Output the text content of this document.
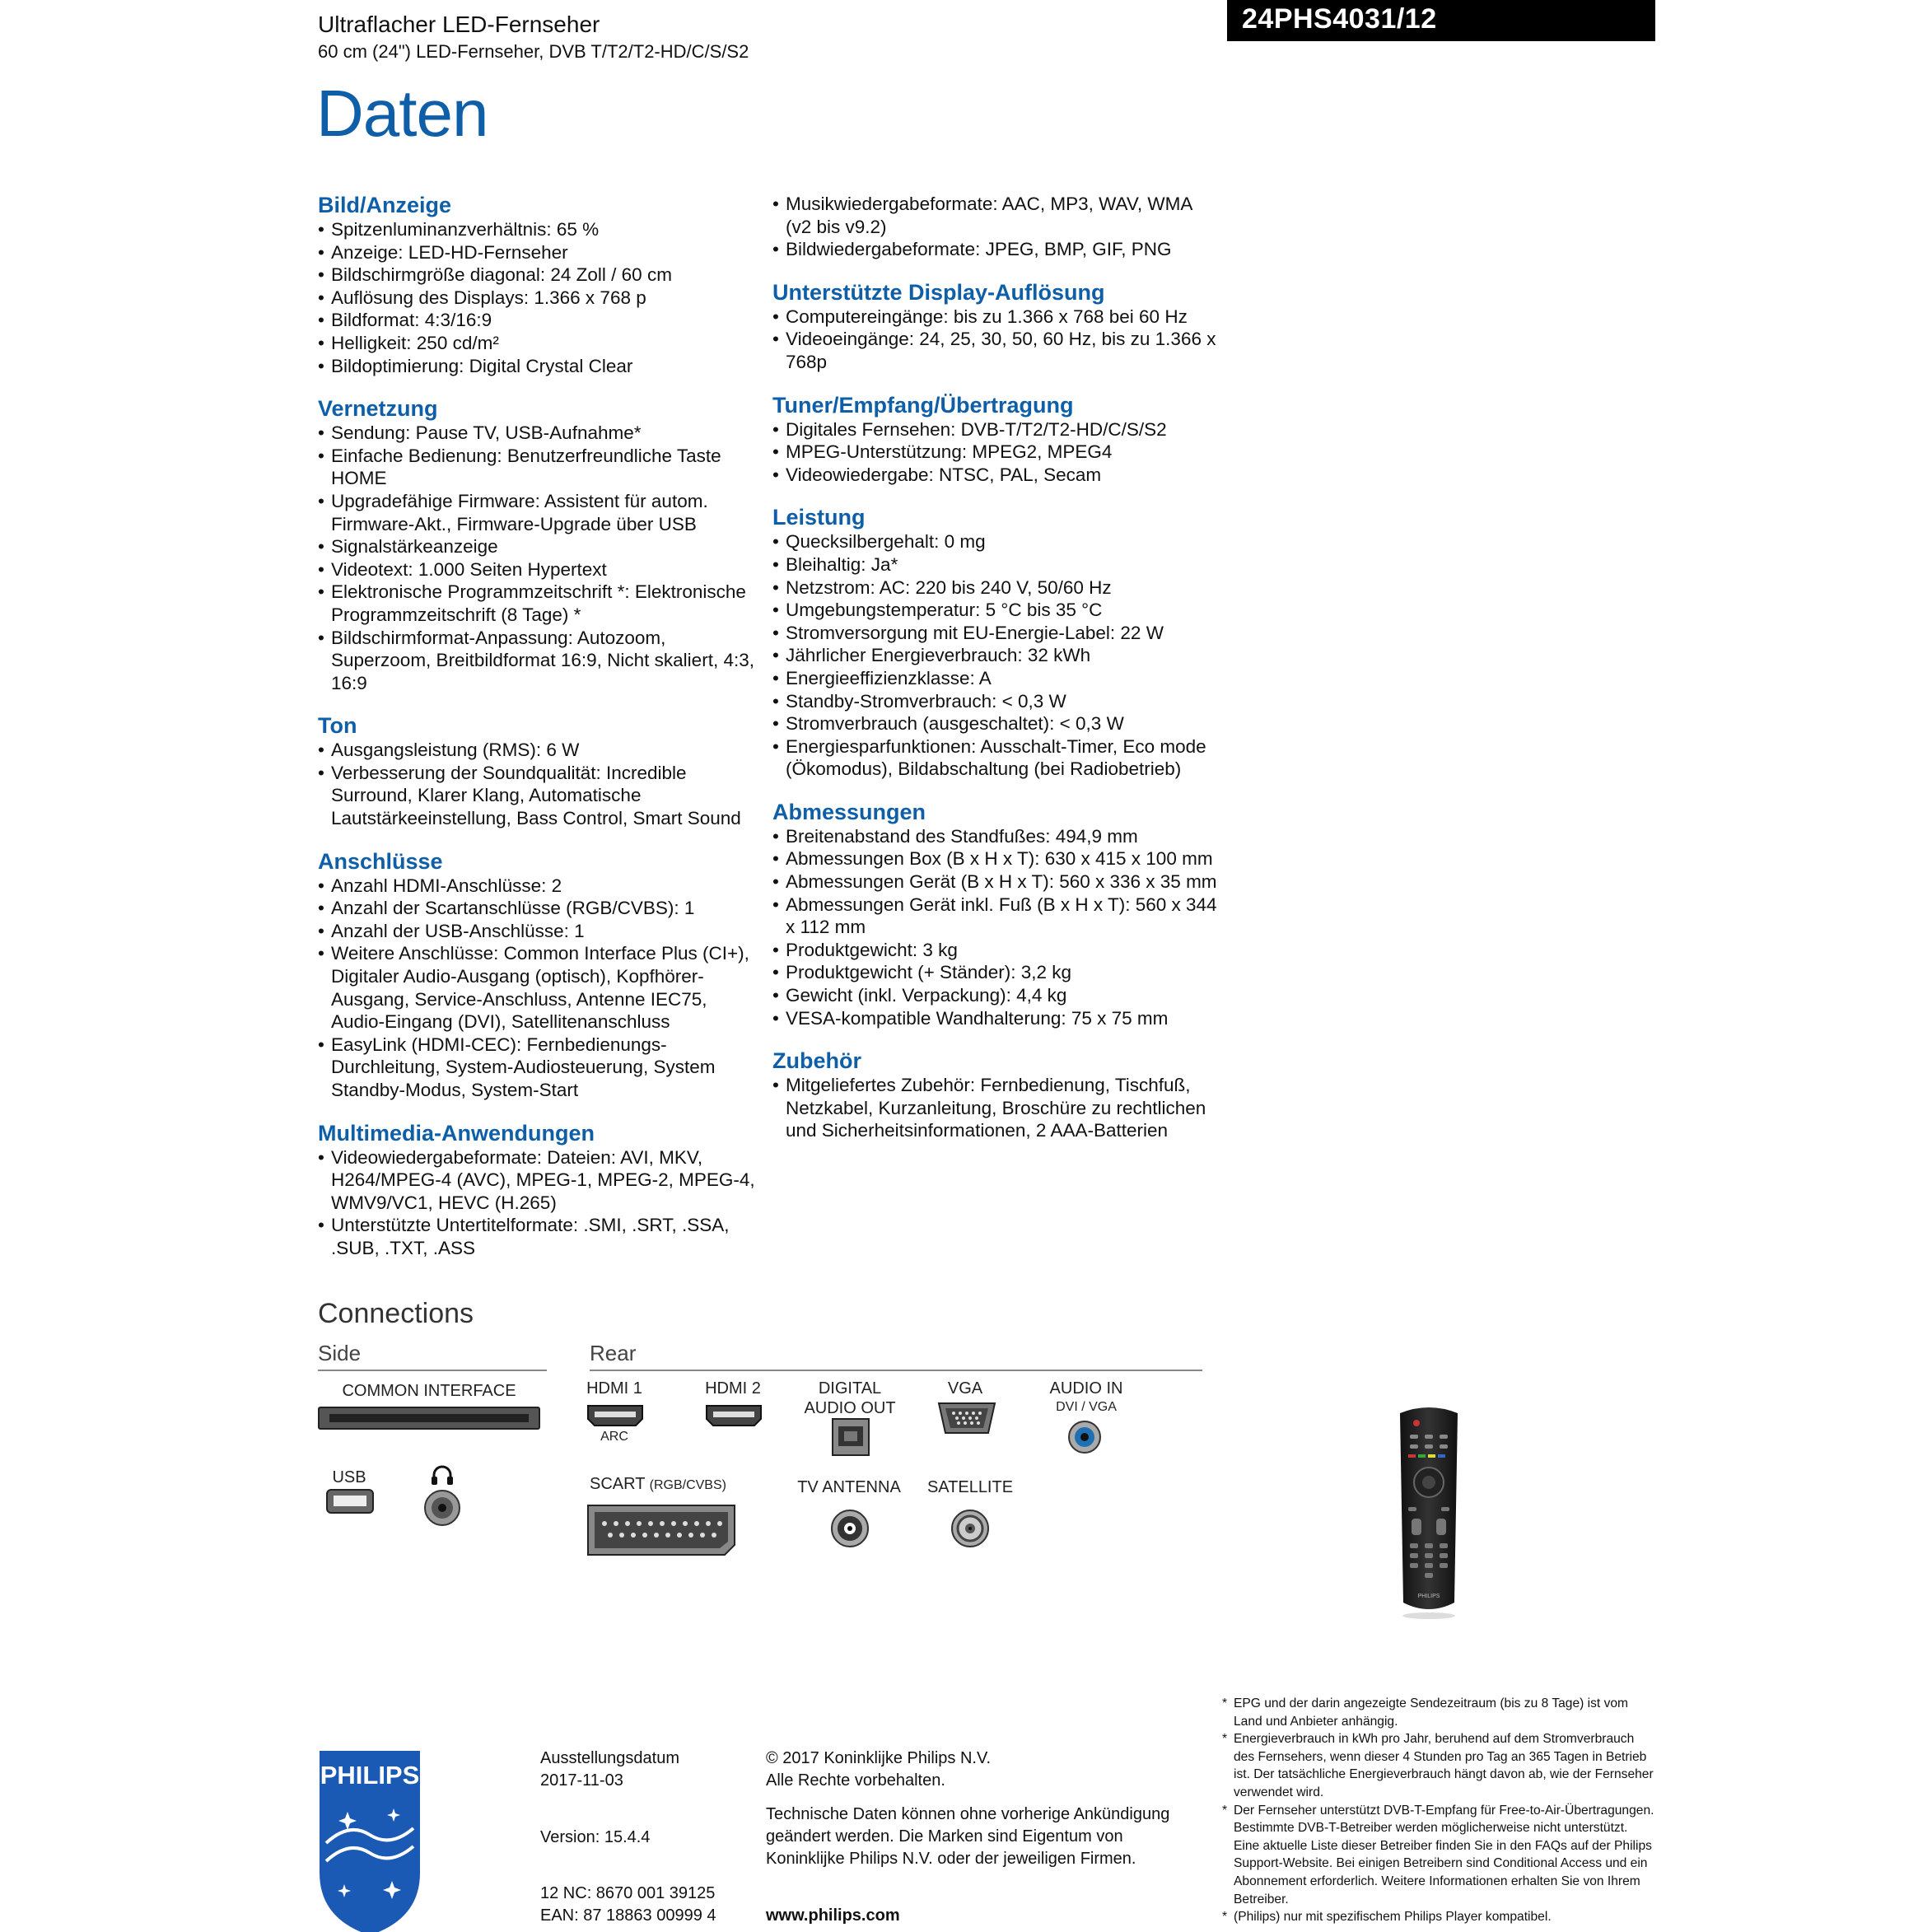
Ultraflacher LED-Fernseher
60 cm (24") LED-Fernseher, DVB T/T2/T2-HD/C/S/S2
24PHS4031/12
Daten
Bild/Anzeige
• Spitzenluminanzverhältnis: 65 %
• Anzeige: LED-HD-Fernseher
• Bildschirmgröße diagonal: 24 Zoll / 60 cm
• Auflösung des Displays: 1.366 x 768 p
• Bildformat: 4:3/16:9
• Helligkeit: 250 cd/m²
• Bildoptimierung: Digital Crystal Clear
Vernetzung
• Sendung: Pause TV, USB-Aufnahme*
• Einfache Bedienung: Benutzerfreundliche Taste HOME
• Upgradefähige Firmware: Assistent für autom. Firmware-Akt., Firmware-Upgrade über USB
• Signalstärkeanzeige
• Videotext: 1.000 Seiten Hypertext
• Elektronische Programmzeitschrift *: Elektronische Programmzeitschrift (8 Tage) *
• Bildschirmformat-Anpassung: Autozoom, Superzoom, Breitbildformat 16:9, Nicht skaliert, 4:3, 16:9
Ton
• Ausgangsleistung (RMS): 6 W
• Verbesserung der Soundqualität: Incredible Surround, Klarer Klang, Automatische Lautstärkeeinstellung, Bass Control, Smart Sound
Anschlüsse
• Anzahl HDMI-Anschlüsse: 2
• Anzahl der Scartanschlüsse (RGB/CVBS): 1
• Anzahl der USB-Anschlüsse: 1
• Weitere Anschlüsse: Common Interface Plus (CI+), Digitaler Audio-Ausgang (optisch), Kopfhörer-Ausgang, Service-Anschluss, Antenne IEC75, Audio-Eingang (DVI), Satellitenanschluss
• EasyLink (HDMI-CEC): Fernbedienungs-Durchleitung, System-Audiosteuerung, System Standby-Modus, System-Start
Multimedia-Anwendungen
• Videowiedergabeformate: Dateien: AVI, MKV, H264/MPEG-4 (AVC), MPEG-1, MPEG-2, MPEG-4, WMV9/VC1, HEVC (H.265)
• Unterstützte Untertitelformate: .SMI, .SRT, .SSA, .SUB, .TXT, .ASS
• Musikwiedergabeformate: AAC, MP3, WAV, WMA (v2 bis v9.2)
• Bildwiedergabeformate: JPEG, BMP, GIF, PNG
Unterstützte Display-Auflösung
• Computereingänge: bis zu 1.366 x 768 bei 60 Hz
• Videoeingänge: 24, 25, 30, 50, 60 Hz, bis zu 1.366 x 768p
Tuner/Empfang/Übertragung
• Digitales Fernsehen: DVB-T/T2/T2-HD/C/S/S2
• MPEG-Unterstützung: MPEG2, MPEG4
• Videowiedergabe: NTSC, PAL, Secam
Leistung
• Quecksilbergehalt: 0 mg
• Bleihaltig: Ja*
• Netzstrom: AC: 220 bis 240 V, 50/60 Hz
• Umgebungstemperatur: 5 °C bis 35 °C
• Stromversorgung mit EU-Energie-Label: 22 W
• Jährlicher Energieverbrauch: 32 kWh
• Energieeffizienzklasse: A
• Standby-Stromverbrauch: < 0,3 W
• Stromverbrauch (ausgeschaltet): < 0,3 W
• Energiesparfunktionen: Ausschalt-Timer, Eco mode (Ökomodus), Bildabschaltung (bei Radiobetrieb)
Abmessungen
• Breitenabstand des Standfußes: 494,9 mm
• Abmessungen Box (B x H x T): 630 x 415 x 100 mm
• Abmessungen Gerät (B x H x T): 560 x 336 x 35 mm
• Abmessungen Gerät inkl. Fuß (B x H x T): 560 x 344 x 112 mm
• Produktgewicht: 3 kg
• Produktgewicht (+ Ständer): 3,2 kg
• Gewicht (inkl. Verpackung): 4,4 kg
• VESA-kompatible Wandhalterung: 75 x 75 mm
Zubehör
• Mitgeliefertes Zubehör: Fernbedienung, Tischfuß, Netzkabel, Kurzanleitung, Broschüre zu rechtlichen und Sicherheitsinformationen, 2 AAA-Batterien
Connections
Side	Rear
COMMON INTERFACE
USB
HDMI 1
ARC
HDMI 2	DIGITAL
AUDIO OUT
VGA	AUDIO IN
DVI / VGA
SCART (RGB/CVBS)	TV ANTENNA	SATELLITE
PHILIPS
PHILIPS
Ausstellungsdatum
2017-11-03
Version: 15.4.4
12 NC: 8670 001 39125
EAN: 87 18863 00999 4
© 2017 Koninklijke Philips N.V.
Alle Rechte vorbehalten.
Technische Daten können ohne vorherige Ankündigung geändert werden. Die Marken sind Eigentum von Koninklijke Philips N.V. oder der jeweiligen Firmen.
www.philips.com
* EPG und der darin angezeigte Sendezeitraum (bis zu 8 Tage) ist vom Land und Anbieter anhängig.
* Energieverbrauch in kWh pro Jahr, beruhend auf dem Stromverbrauch des Fernsehers, wenn dieser 4 Stunden pro Tag an 365 Tagen in Betrieb ist. Der tatsächliche Energieverbrauch hängt davon ab, wie der Fernseher verwendet wird.
* Der Fernseher unterstützt DVB-T-Empfang für Free-to-Air-Übertragungen. Bestimmte DVB-T-Betreiber werden möglicherweise nicht unterstützt. Eine aktuelle Liste dieser Betreiber finden Sie in den FAQs auf der Philips Support-Website. Bei einigen Betreibern sind Conditional Access und ein Abonnement erforderlich. Weitere Informationen erhalten Sie von Ihrem Betreiber.
* (Philips) nur mit spezifischem Philips Player kompatibel.
